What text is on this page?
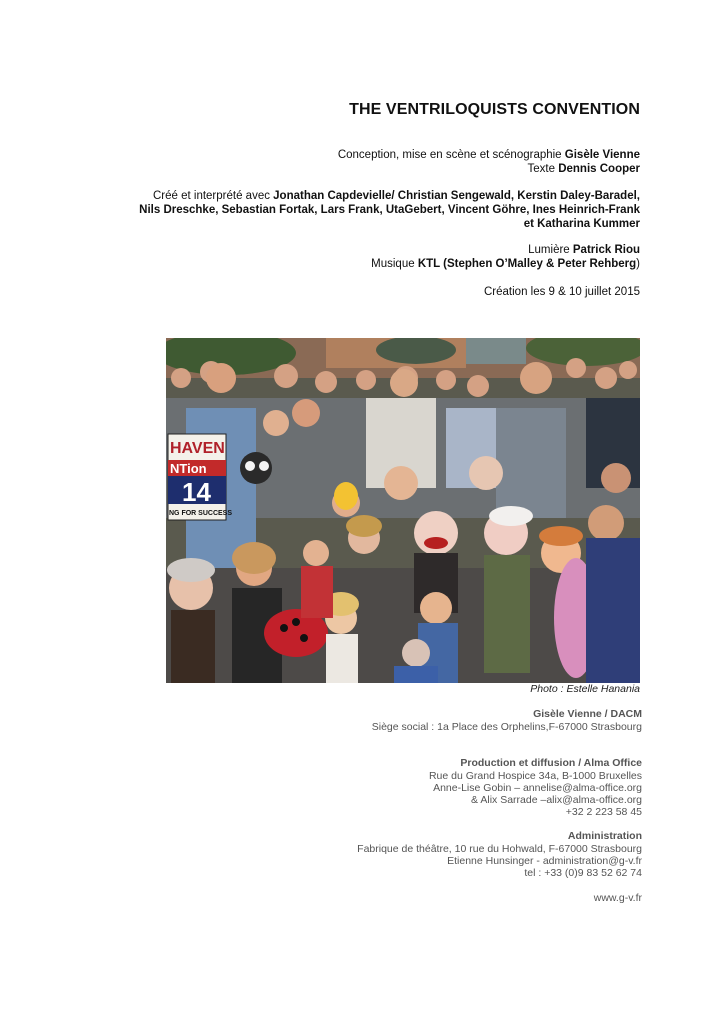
THE VENTRILOQUISTS CONVENTION
Conception, mise en scène et scénographie Gisèle Vienne
Texte Dennis Cooper
Créé et interprété avec Jonathan Capdevielle/ Christian Sengewald, Kerstin Daley-Baradel,
Nils Dreschke, Sebastian Fortak, Lars Frank, UtaGebert, Vincent Göhre, Ines Heinrich-Frank
et Katharina Kummer
Lumière Patrick Riou
Musique KTL (Stephen O’Malley & Peter Rehberg)
Création les 9 & 10 juillet 2015
HAVEN
NTion
14
NG FOR SUCCESS
Photo : Estelle Hanania
Gisèle Vienne / DACM
Siège social : 1a Place des Orphelins,F-67000 Strasbourg
Production et diffusion / Alma Office
Rue du Grand Hospice 34a, B-1000 Bruxelles
Anne-Lise Gobin – annelise@alma-office.org
& Alix Sarrade –alix@alma-office.org
+32 2 223 58 45
Administration
Fabrique de théâtre, 10 rue du Hohwald, F-67000 Strasbourg
Etienne Hunsinger - administration@g-v.fr
tel : +33 (0)9 83 52 62 74
www.g-v.fr
